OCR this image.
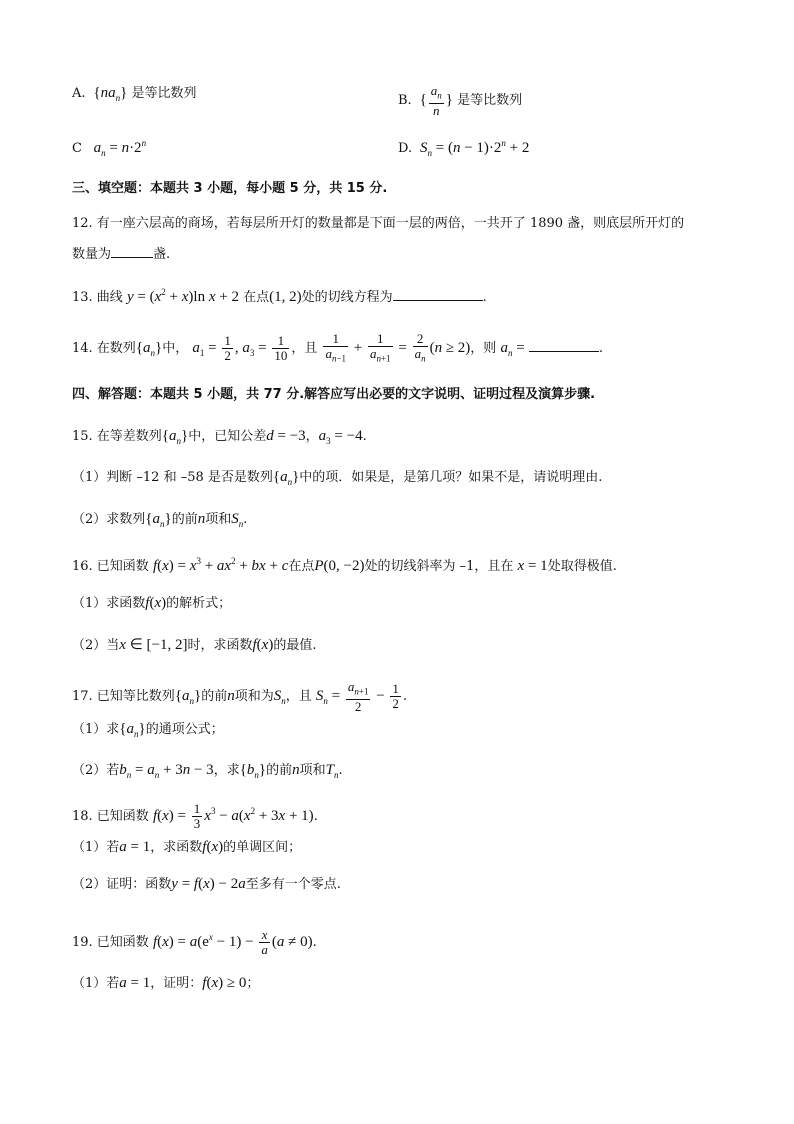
A.  $\{na_n\}$ 是等比数列	B.  { $\frac{a_n}{n}$ } 是等比数列
C $a_n = n\cdot 2^n$	D. $S_n = (n - 1)\cdot 2^n + 2$
三、填空题：本题共 3 小题，每小题 5 分，共 15 分.
12. 有一座六层高的商场，若每层所开灯的数量都是下面一层的两倍，一共开了 1890 盏，则底层所开灯的
数量为	盏.
13. 曲线 $y = (x^2 + x)\ln$ x + 2 在点(1, 2)处的切线方程为	.
14. 在数列$\{a_n\}$中， $a_1 = \frac{1}{2}$ , $a_3 = \frac{1}{10}$ ，且 $\frac{1}{a_{n-1}} + \frac{1}{a_{n+1}} = \frac{2}{a_n} (n \ge 2)$，则 $a_n$ =	.
四、解答题：本题共 5 小题，共 77 分.解答应写出必要的文字说明、证明过程及演算步骤.
15. 在等差数列$\{a_n\}$中，已知公差d = −3，$a_3 = -4$.
（1）判断 –12 和 –58 是否是数列$\{a_n\}$中的项．如果是，是第几项？如果不是，请说明理由.
（2）求数列$\{a_n\}$的前n项和$S_n$.
16. 已知函数 $f(x) = x^3 + ax^2$ + bx + c在点P(0, −2)处的切线斜率为 –1，且在 x = 1处取得极值.
（1）求函数f(x)的解析式；
（2）当x ∈ [−1, 2]时，求函数f(x)的最值.
17. 已知等比数列$\{a_n\}$的前n项和为$S_n$，且 $S_n = \frac{a_{n+1}}{2} - \frac{1}{2}$ .
（1）求$\{a_n\}$的通项公式；
（2）若$b_n = a_n + 3n - 3$，求$\{b_n\}$的前n项和$T_n$.
18. 已知函数 $f(x) = \frac{1}{3} x^3 - a(x^2 + 3x + 1)$.
（1）若a = 1，求函数f(x)的单调区间；
（2）证明：函数y = f(x) − 2a至多有一个零点.
19. 已知函数 $f(x) = a(e^x - 1) - \frac{x}{a} (a \ne 0)$.
（1）若a = 1，证明：f(x) ≥ 0；
